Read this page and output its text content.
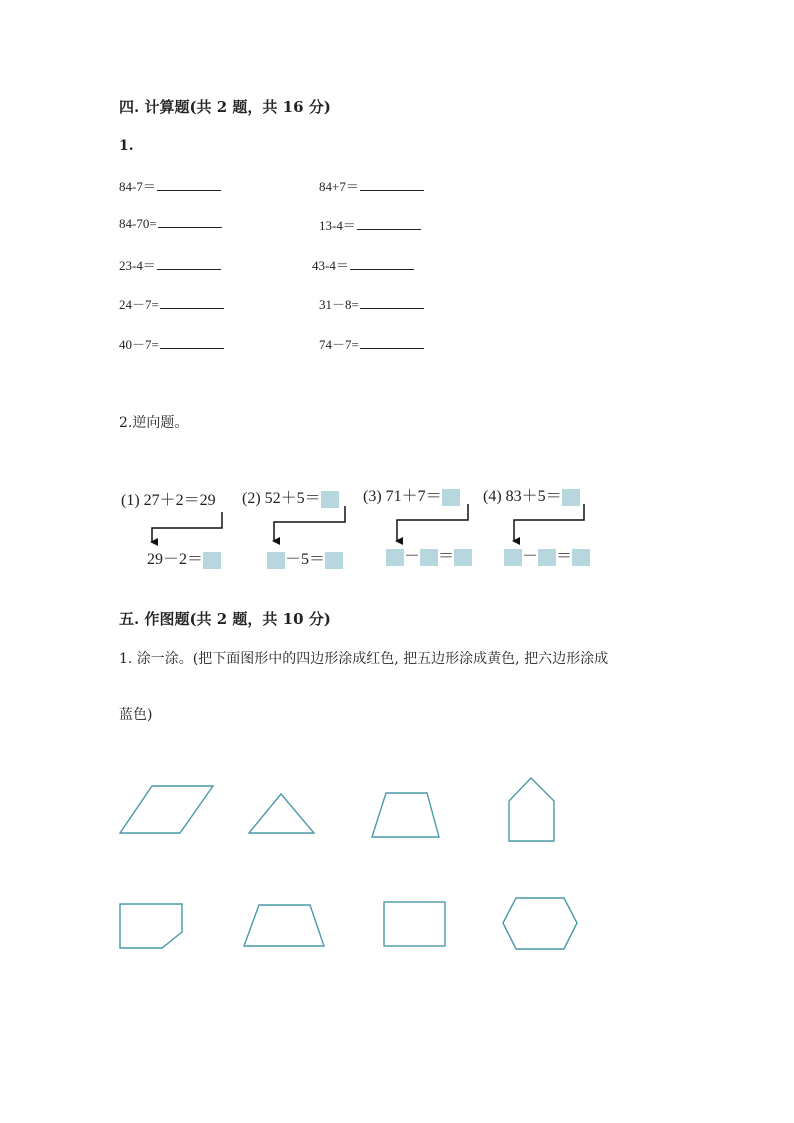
四. 计算题(共 2 题，共 16 分)
1.
84-7＝	84+7＝
84-70=	13-4＝
23-4＝	43-4＝
24－7=	31－8=
40－7=	74－7=
2.逆向题。
(1) 27＋2＝29 (2) 52＋5＝	(3) 71＋7＝	(4) 83＋5＝
29－2＝	－5＝	－ ＝	－ ＝
五. 作图题(共 2 题，共 10 分)
1. 涂一涂。(把下面图形中的四边形涂成红色, 把五边形涂成黄色, 把六边形涂成
蓝色)
